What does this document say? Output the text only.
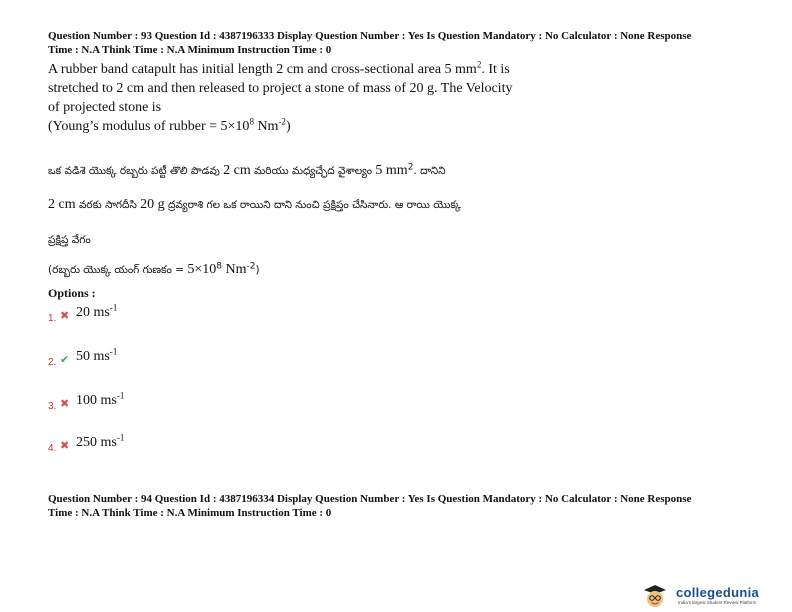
Question Number : 93 Question Id : 4387196333 Display Question Number : Yes Is Question Mandatory : No Calculator : None Response
Time : N.A Think Time : N.A Minimum Instruction Time : 0
A rubber band catapult has initial length 2 cm and cross-sectional area 5 $mm^2$. It is
stretched to 2 cm and then released to project a stone of mass of 20 g. The Velocity
of projected stone is
(Young’s modulus of rubber = $5\times 10^8$ $Nm^{-2}$)
ఒక వడిశె యొక్క రబ్బరు పట్టీ తొలి పొడవు 2 cm మరియు మధ్యచ్ఛేద వైశాల్యం 5 $mm^2$. దానిని
2 cm వరకు సాగదీసి 20 g ద్రవ్యరాశి గల ఒక రాయిని దాని నుంచి ప్రక్షిప్తం చేసినారు. ఆ రాయి యొక్క
ప్రక్షిప్త వేగం
(రబ్బరు యొక్క యంగ్ గుణకం = $5\times 10^8$ $Nm^{-2}$)
Options :
1. ✖ 20 $ms^{-1}$
2. ✔ 50 $ms^{-1}$
3. ✖ 100 $ms^{-1}$
4. ✖ 250 $ms^{-1}$
Question Number : 94 Question Id : 4387196334 Display Question Number : Yes Is Question Mandatory : No Calculator : None Response
Time : N.A Think Time : N.A Minimum Instruction Time : 0
collegedunia
India's largest Student Review Platform
